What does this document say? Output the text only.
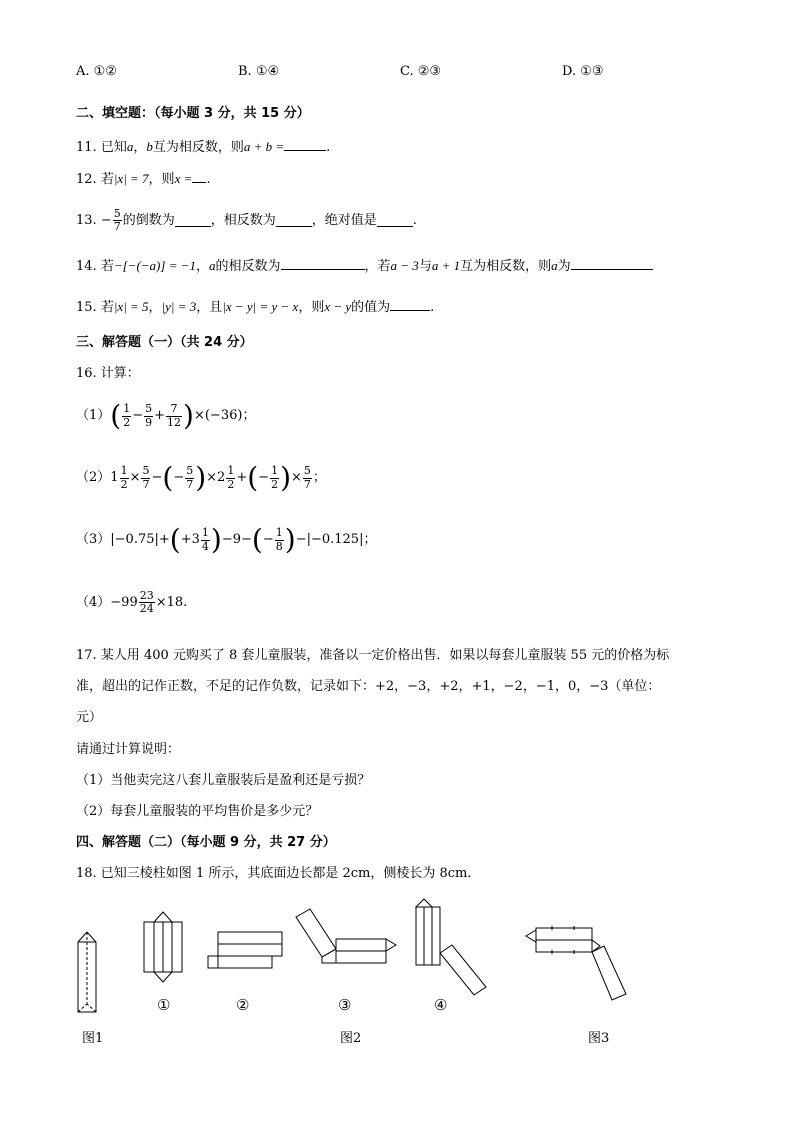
A. ①②	B. ①④	C. ②③	D. ①③
二、填空题：（每小题 3 分，共 15 分）
11. 已知a，b互为相反数，则a + b =	.
12. 若|x| = 7，则x = .
13. − $\frac{5}{7}$ 的倒数为	，相反数为	，绝对值是	.
14. 若−[−(−a)] = −1，a的相反数为	，若a − 3与a + 1互为相反数，则a为
15. 若|x| = 5，|y| = 3，且|x − y| = y − x，则x − y的值为	.
三、解答题（一）（共 24 分）
16. 计算：
$(1)( \frac{1}{2} - \frac{5}{9} + \frac{7}{12} )\times(-36)$；
$(2)1 \frac{1}{2} \times \frac{5}{7}$ −(− $\frac{5}{7} )\times 2 \frac{1}{2}$ +(− $\frac{1}{2}$ )× $\frac{5}{7}$ ；
$(3)|-0.75|+(+3 \frac{1}{4} )-9-(- \frac{1}{8} )-|-0.125|$；
$(4)-99 \frac{23}{24} \times 18$.
17. 某人用 400 元购买了 8 套儿童服装，准备以一定价格出售．如果以每套儿童服装 55 元的价格为标
准，超出的记作正数，不足的记作负数，记录如下：+2，−3，+2，+1，−2，−1，0，−3（单位：
元）
请通过计算说明：
（1）当他卖完这八套儿童服装后是盈利还是亏损？
（2）每套儿童服装的平均售价是多少元？
四、解答题（二）（每小题 9 分，共 27 分）
18. 已知三棱柱如图 1 所示，其底面边长都是 2cm，侧棱长为 8cm．
图1
①	②	③	④
图2	图3
